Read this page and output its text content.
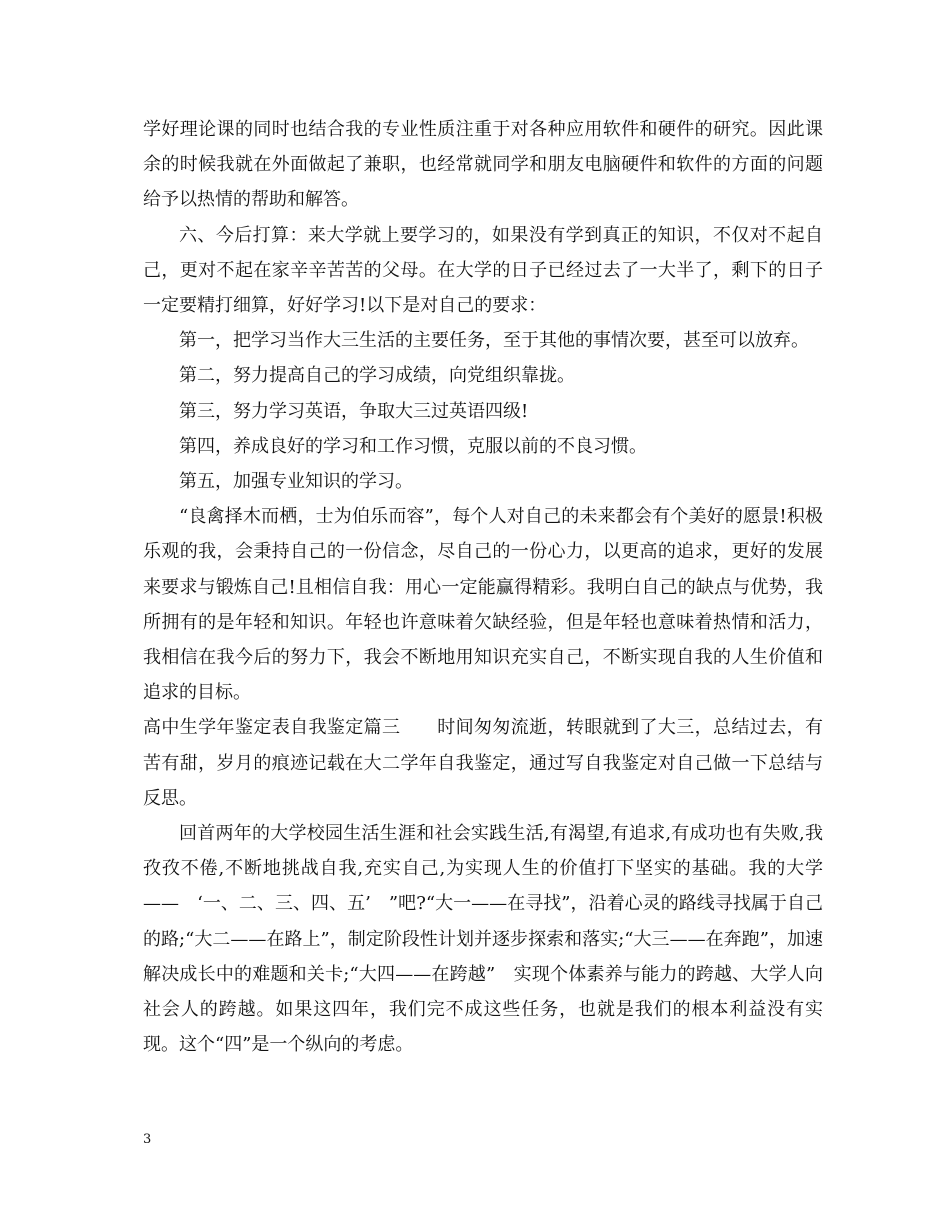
学好理论课的同时也结合我的专业性质注重于对各种应用软件和硬件的研究。因此课余的时候我就在外面做起了兼职，也经常就同学和朋友电脑硬件和软件的方面的问题给予以热情的帮助和解答。

六、今后打算：来大学就上要学习的，如果没有学到真正的知识，不仅对不起自己，更对不起在家辛辛苦苦的父母。在大学的日子已经过去了一大半了，剩下的日子一定要精打细算，好好学习!以下是对自己的要求：

第一，把学习当作大三生活的主要任务，至于其他的事情次要，甚至可以放弃。

第二，努力提高自己的学习成绩，向党组织靠拢。

第三，努力学习英语，争取大三过英语四级!

第四，养成良好的学习和工作习惯，克服以前的不良习惯。

第五，加强专业知识的学习。

“良禽择木而栖，士为伯乐而容”，每个人对自己的未来都会有个美好的愿景!积极乐观的我，会秉持自己的一份信念，尽自己的一份心力，以更高的追求，更好的发展来要求与锻炼自己!且相信自我：用心一定能赢得精彩。我明白自己的缺点与优势，我所拥有的是年轻和知识。年轻也许意味着欠缺经验，但是年轻也意味着热情和活力，我相信在我今后的努力下，我会不断地用知识充实自己，不断实现自我的人生价值和追求的目标。

高中生学年鉴定表自我鉴定篇三　　时间匆匆流逝，转眼就到了大三，总结过去，有苦有甜，岁月的痕迹记载在大二学年自我鉴定，通过写自我鉴定对自己做一下总结与反思。

回首两年的大学校园生活生涯和社会实践生活,有渴望,有追求,有成功也有失败,我孜孜不倦,不断地挑战自我,充实自己,为实现人生的价值打下坚实的基础。我的大学——　‘一、二、三、四、五’　”吧?“大一——在寻找”，沿着心灵的路线寻找属于自己的路;“大二——在路上”，制定阶段性计划并逐步探索和落实;“大三——在奔跑”，加速解决成长中的难题和关卡;“大四——在跨越”　实现个体素养与能力的跨越、大学人向社会人的跨越。如果这四年，我们完不成这些任务，也就是我们的根本利益没有实现。这个“四”是一个纵向的考虑。

3
